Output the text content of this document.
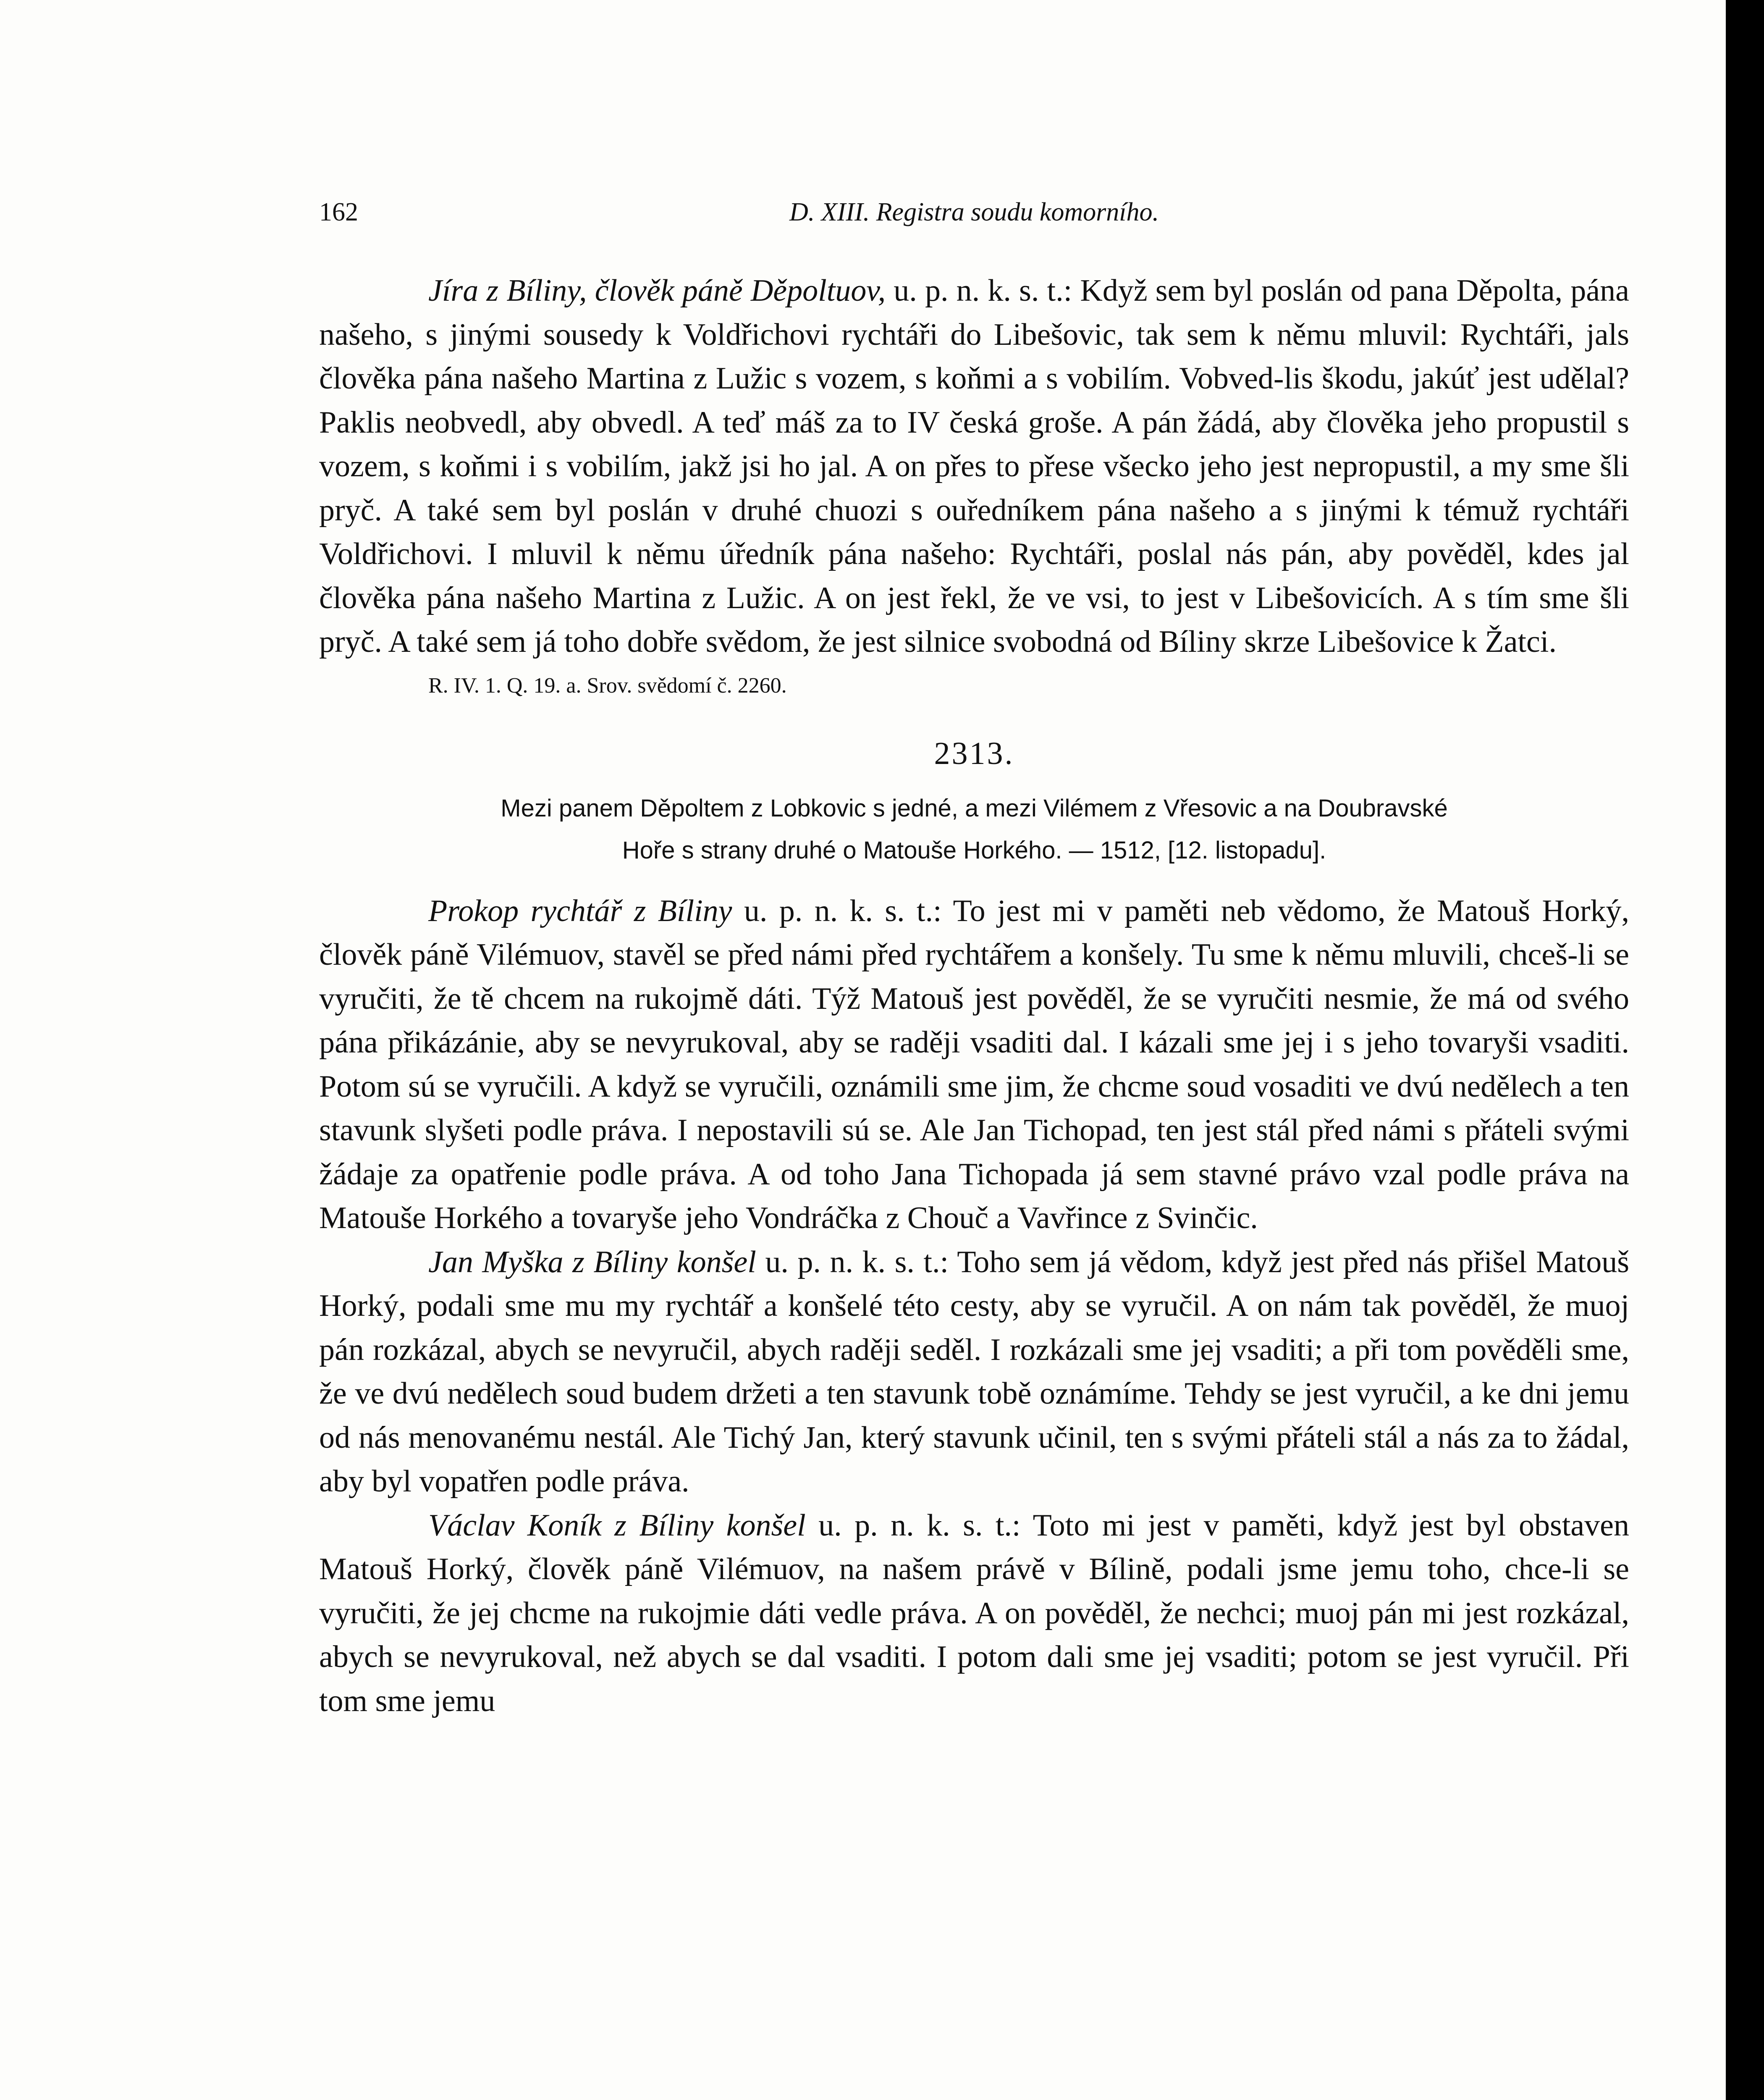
162	D. XIII. Registra soudu komorního.

Jíra z Bíliny, člověk páně Děpoltuov, u. p. n. k. s. t.: Když sem byl poslán od pana Děpolta, pána našeho, s jinými sousedy k Voldřichovi rychtáři do Libešovic, tak sem k němu mluvil: Rychtáři, jals člověka pána našeho Martina z Lužic s vozem, s koňmi a s vobilím. Vobved-lis škodu, jakúť jest udělal? Paklis neobvedl, aby obvedl. A teď máš za to IV česká groše. A pán žádá, aby člověka jeho propustil s vozem, s koňmi i s vobilím, jakž jsi ho jal. A on přes to přese všecko jeho jest nepropustil, a my sme šli pryč. A také sem byl poslán v druhé chuozi s ouředníkem pána našeho a s jinými k témuž rychtáři Voldřichovi. I mluvil k němu úředník pána našeho: Rychtáři, poslal nás pán, aby pověděl, kdes jal člověka pána našeho Martina z Lužic. A on jest řekl, že ve vsi, to jest v Libešovicích. A s tím sme šli pryč. A také sem já toho dobře svědom, že jest silnice svobodná od Bíliny skrze Libešovice k Žatci.

R. IV. 1. Q. 19. a. Srov. svědomí č. 2260.

2313.
Mezi panem Děpoltem z Lobkovic s jedné, a mezi Vilémem z Vřesovic a na Doubravské
Hoře s strany druhé o Matouše Horkého. — 1512, [12. listopadu].

Prokop rychtář z Bíliny u. p. n. k. s. t.: To jest mi v paměti neb vědomo, že Matouš Horký, člověk páně Vilémuov, stavěl se před námi před rychtářem a konšely. Tu sme k němu mluvili, chceš-li se vyručiti, že tě chcem na rukojmě dáti. Týž Matouš jest pověděl, že se vyručiti nesmie, že má od svého pána přikázánie, aby se nevyrukoval, aby se raději vsaditi dal. I kázali sme jej i s jeho tovaryši vsaditi. Potom sú se vyručili. A když se vyručili, oznámili sme jim, že chcme soud vosaditi ve dvú nedělech a ten stavunk slyšeti podle práva. I nepostavili sú se. Ale Jan Tichopad, ten jest stál před námi s přáteli svými žádaje za opatřenie podle práva. A od toho Jana Tichopada já sem stavné právo vzal podle práva na Matouše Horkého a tovaryše jeho Vondráčka z Chouč a Vavřince z Svinčic.

Jan Myška z Bíliny konšel u. p. n. k. s. t.: Toho sem já vědom, když jest před nás přišel Matouš Horký, podali sme mu my rychtář a konšelé této cesty, aby se vyručil. A on nám tak pověděl, že muoj pán rozkázal, abych se nevyručil, abych raději seděl. I rozkázali sme jej vsaditi; a při tom pověděli sme, že ve dvú nedělech soud budem držeti a ten stavunk tobě oznámíme. Tehdy se jest vyručil, a ke dni jemu od nás menovanému nestál. Ale Tichý Jan, který stavunk učinil, ten s svými přáteli stál a nás za to žádal, aby byl vopatřen podle práva.

Václav Koník z Bíliny konšel u. p. n. k. s. t.: Toto mi jest v paměti, když jest byl obstaven Matouš Horký, člověk páně Vilémuov, na našem právě v Bílině, podali jsme jemu toho, chce-li se vyručiti, že jej chcme na rukojmie dáti vedle práva. A on pověděl, že nechci; muoj pán mi jest rozkázal, abych se nevyrukoval, než abych se dal vsaditi. I potom dali sme jej vsaditi; potom se jest vyručil. Při tom sme jemu
